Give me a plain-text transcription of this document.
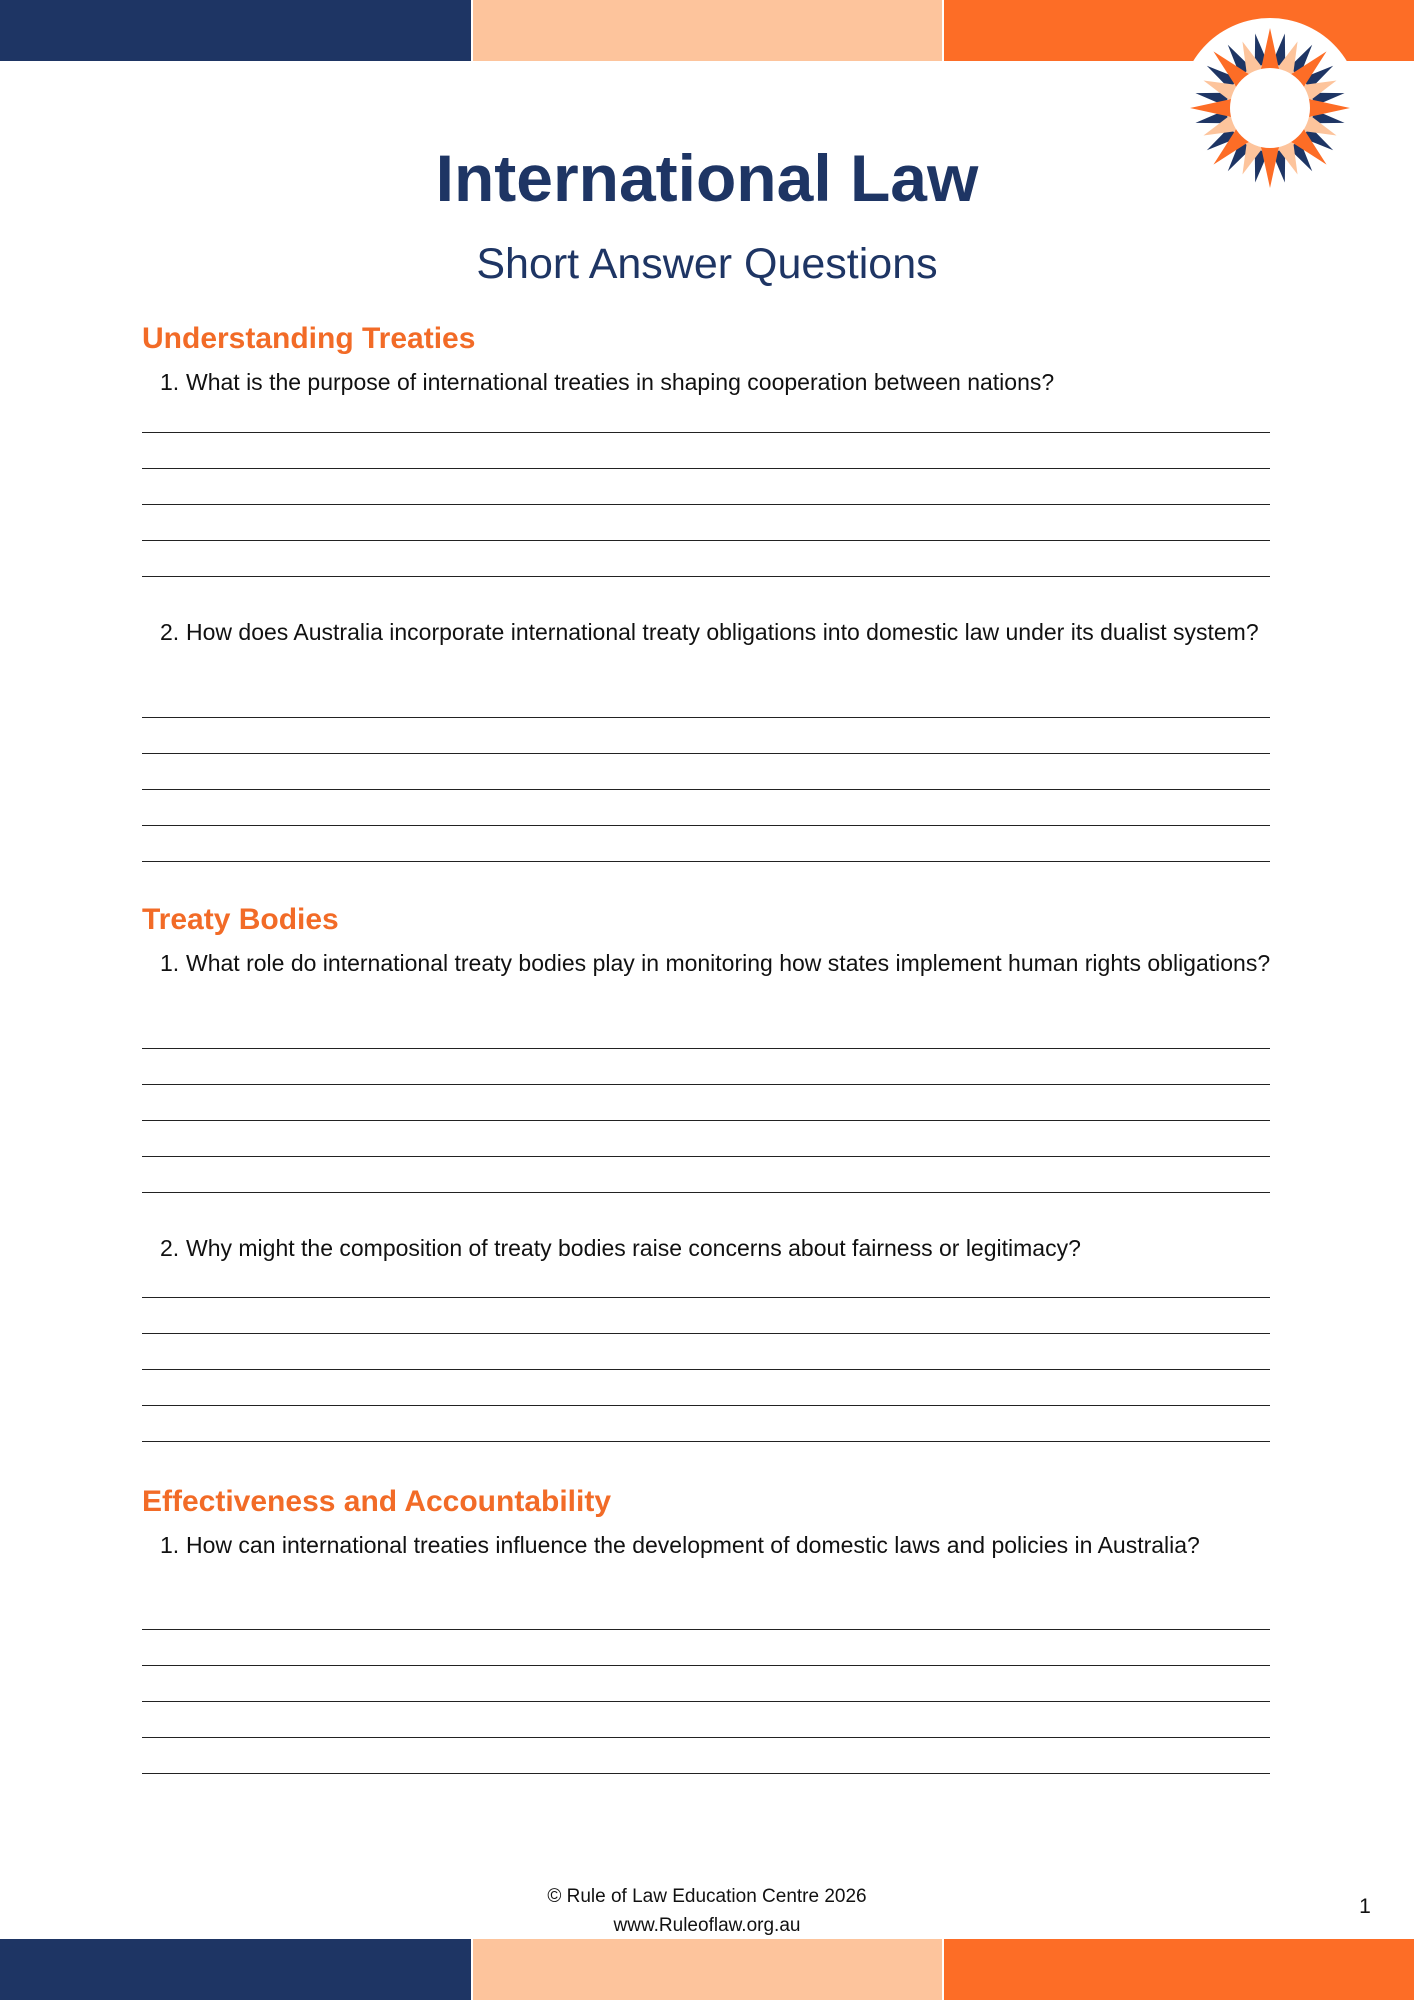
International Law
Short Answer Questions
Understanding Treaties
1. What is the purpose of international treaties in shaping cooperation between nations?
2. How does Australia incorporate international treaty obligations into domestic law under its dualist system?
Treaty Bodies
1. What role do international treaty bodies play in monitoring how states implement human rights obligations?
2. Why might the composition of treaty bodies raise concerns about fairness or legitimacy?
Effectiveness and Accountability
1. How can international treaties influence the development of domestic laws and policies in Australia?
© Rule of Law Education Centre 2026
www.Ruleoflaw.org.au
1
